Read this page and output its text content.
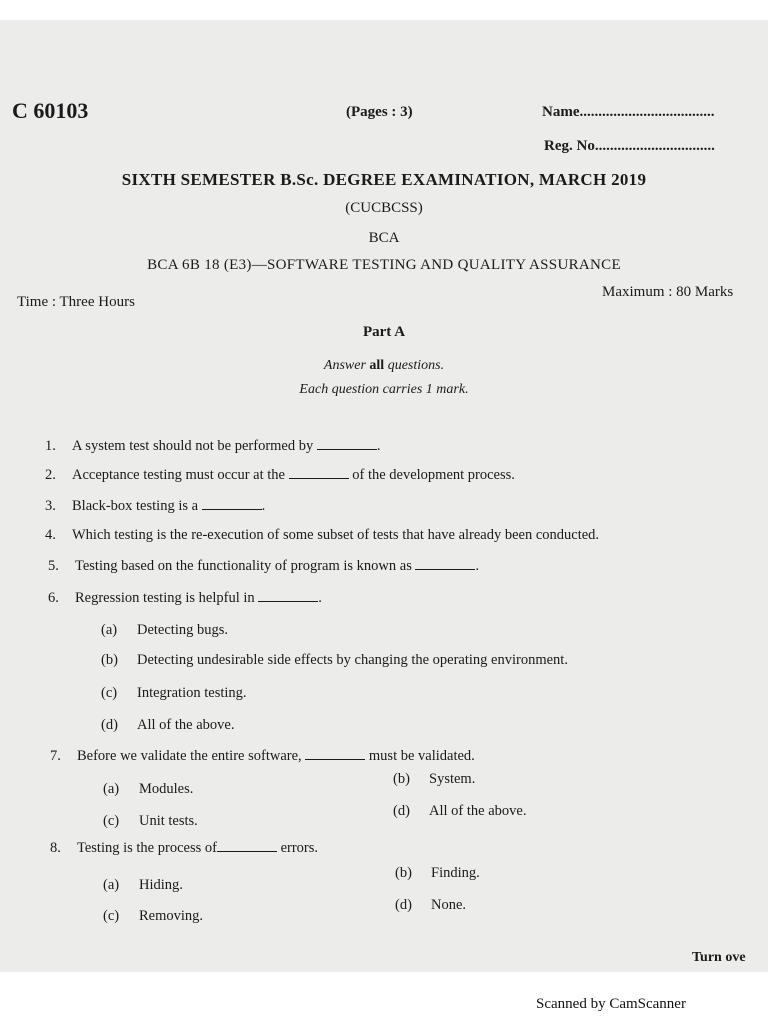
C 60103	(Pages : 3)	Name....................................
Reg. No................................
SIXTH SEMESTER B.Sc. DEGREE EXAMINATION, MARCH 2019
(CUCBCSS)
BCA
BCA 6B 18 (E3)—SOFTWARE TESTING AND QUALITY ASSURANCE
Time : Three Hours
Maximum : 80 Marks
Part A
Answer all questions.
Each question carries 1 mark.
1. A system test should not be performed by	.
2. Acceptance testing must occur at the	of the development process.
3. Black-box testing is a	.
4. Which testing is the re-execution of some subset of tests that have already been conducted.
5. Testing based on the functionality of program is known as	.
6. Regression testing is helpful in	.
(a) Detecting bugs.
(b) Detecting undesirable side effects by changing the operating environment.
(c) Integration testing.
(d) All of the above.
7. Before we validate the entire software,	must be validated.
(a) Modules.
(b) System.
(c) Unit tests.
(d) All of the above.
8. Testing is the process of	errors.
(a) Hiding.
(b) Finding.
(c) Removing.
(d) None.
Turn ove
Scanned by CamScanner
